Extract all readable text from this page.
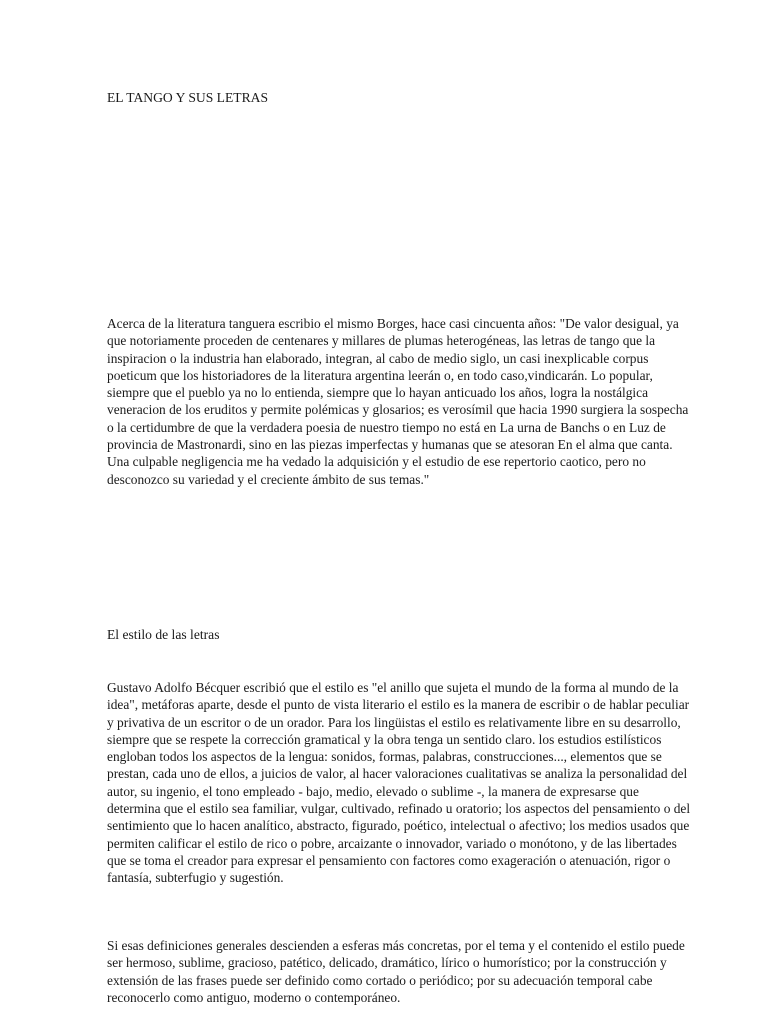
EL TANGO Y SUS LETRAS

Acerca de la literatura tanguera escribio el mismo Borges, hace casi cincuenta años: "De valor desigual, ya que notoriamente proceden de centenares y millares de plumas heterogéneas, las letras de tango que la inspiracion o la industria han elaborado, integran, al cabo de medio siglo, un casi inexplicable corpus poeticum que los historiadores de la literatura argentina leerán o, en todo caso,vindicarán. Lo popular, siempre que el pueblo ya no lo entienda, siempre que lo hayan anticuado los años, logra la nostálgica veneracion de los eruditos y permite polémicas y glosarios; es verosímil que hacia 1990 surgiera la sospecha o la certidumbre de que la verdadera poesia de nuestro tiempo no está en La urna de Banchs o en Luz de provincia de Mastronardi, sino en las piezas imperfectas y humanas que se atesoran En el alma que canta. Una culpable negligencia me ha vedado la adquisición y el estudio de ese repertorio caotico, pero no desconozco su variedad y el creciente ámbito de sus temas."

El estilo de las letras

Gustavo Adolfo Bécquer escribió que el estilo es "el anillo que sujeta el mundo de la forma al mundo de la idea", metáforas aparte, desde el punto de vista literario el estilo es la manera de escribir o de hablar peculiar y privativa de un escritor o de un orador. Para los lingüistas el estilo es relativamente libre en su desarrollo, siempre que se respete la corrección gramatical y la obra tenga un sentido claro. los estudios estilísticos engloban todos los aspectos de la lengua: sonidos, formas, palabras, construcciones..., elementos que se prestan, cada uno de ellos, a juicios de valor, al hacer valoraciones cualitativas se analiza la personalidad del autor, su ingenio, el tono empleado - bajo, medio, elevado o sublime -, la manera de expresarse que determina que el estilo sea familiar, vulgar, cultivado, refinado u oratorio; los aspectos del pensamiento o del sentimiento que lo hacen analítico, abstracto, figurado, poético, intelectual o afectivo; los medios usados que permiten calificar el estilo de rico o pobre, arcaizante o innovador, variado o monótono, y de las libertades que se toma el creador para expresar el pensamiento con factores como exageración o atenuación, rigor o fantasía, subterfugio y sugestión.

Si esas definiciones generales descienden a esferas más concretas, por el tema y el contenido el estilo puede ser hermoso, sublime, gracioso, patético, delicado, dramático, lírico o humorístico; por la construcción y extensión de las frases puede ser definido como cortado o periódico; por su adecuación temporal cabe reconocerlo como antiguo, moderno o contemporáneo.
